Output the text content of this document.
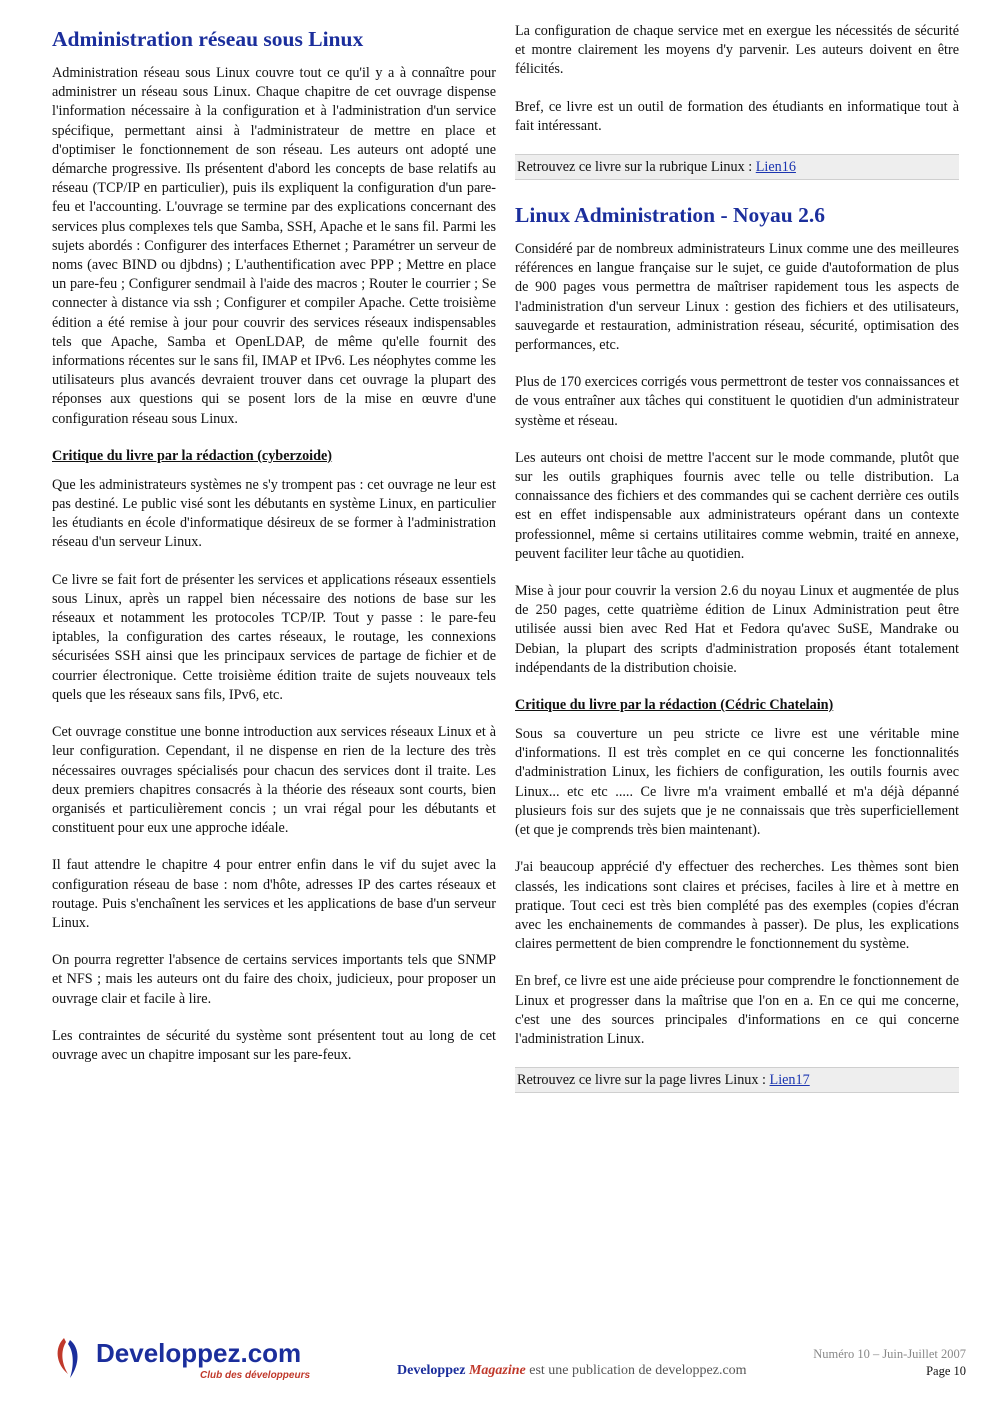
Administration réseau sous Linux

Administration réseau sous Linux couvre tout ce qu'il y a à connaître pour administrer un réseau sous Linux. Chaque chapitre de cet ouvrage dispense l'information nécessaire à la configuration et à l'administration d'un service spécifique, permettant ainsi à l'administrateur de mettre en place et d'optimiser le fonctionnement de son réseau. Les auteurs ont adopté une démarche progressive. Ils présentent d'abord les concepts de base relatifs au réseau (TCP/IP en particulier), puis ils expliquent la configuration d'un pare-feu et l'accounting. L'ouvrage se termine par des explications concernant des services plus complexes tels que Samba, SSH, Apache et le sans fil. Parmi les sujets abordés : Configurer des interfaces Ethernet ; Paramétrer un serveur de noms (avec BIND ou djbdns) ; L'authentification avec PPP ; Mettre en place un pare-feu ; Configurer sendmail à l'aide des macros ; Router le courrier ; Se connecter à distance via ssh ; Configurer et compiler Apache. Cette troisième édition a été remise à jour pour couvrir des services réseaux indispensables tels que Apache, Samba et OpenLDAP, de même qu'elle fournit des informations récentes sur le sans fil, IMAP et IPv6. Les néophytes comme les utilisateurs plus avancés devraient trouver dans cet ouvrage la plupart des réponses aux questions qui se posent lors de la mise en œuvre d'une configuration réseau sous Linux.

Critique du livre par la rédaction (cyberzoide)

Que les administrateurs systèmes ne s'y trompent pas : cet ouvrage ne leur est pas destiné. Le public visé sont les débutants en système Linux, en particulier les étudiants en école d'informatique désireux de se former à l'administration réseau d'un serveur Linux.

Ce livre se fait fort de présenter les services et applications réseaux essentiels sous Linux, après un rappel bien nécessaire des notions de base sur les réseaux et notamment les protocoles TCP/IP. Tout y passe : le pare-feu iptables, la configuration des cartes réseaux, le routage, les connexions sécurisées SSH ainsi que les principaux services de partage de fichier et de courrier électronique. Cette troisième édition traite de sujets nouveaux tels quels que les réseaux sans fils, IPv6, etc.

Cet ouvrage constitue une bonne introduction aux services réseaux Linux et à leur configuration. Cependant, il ne dispense en rien de la lecture des très nécessaires ouvrages spécialisés pour chacun des services dont il traite. Les deux premiers chapitres consacrés à la théorie des réseaux sont courts, bien organisés et particulièrement concis ; un vrai régal pour les débutants et constituent pour eux une approche idéale.

Il faut attendre le chapitre 4 pour entrer enfin dans le vif du sujet avec la configuration réseau de base : nom d'hôte, adresses IP des cartes réseaux et routage. Puis s'enchaînent les services et les applications de base d'un serveur Linux.

On pourra regretter l'absence de certains services importants tels que SNMP et NFS ; mais les auteurs ont du faire des choix, judicieux, pour proposer un ouvrage clair et facile à lire.

Les contraintes de sécurité du système sont présentent tout au long de cet ouvrage avec un chapitre imposant sur les pare-feux.

La configuration de chaque service met en exergue les nécessités de sécurité et montre clairement les moyens d'y parvenir. Les auteurs doivent en être félicités.

Bref, ce livre est un outil de formation des étudiants en informatique tout à fait intéressant.

Retrouvez ce livre sur la rubrique Linux : Lien16
Linux Administration - Noyau 2.6

Considéré par de nombreux administrateurs Linux comme une des meilleures références en langue française sur le sujet, ce guide d'autoformation de plus de 900 pages vous permettra de maîtriser rapidement tous les aspects de l'administration d'un serveur Linux : gestion des fichiers et des utilisateurs, sauvegarde et restauration, administration réseau, sécurité, optimisation des performances, etc.

Plus de 170 exercices corrigés vous permettront de tester vos connaissances et de vous entraîner aux tâches qui constituent le quotidien d'un administrateur système et réseau.

Les auteurs ont choisi de mettre l'accent sur le mode commande, plutôt que sur les outils graphiques fournis avec telle ou telle distribution. La connaissance des fichiers et des commandes qui se cachent derrière ces outils est en effet indispensable aux administrateurs opérant dans un contexte professionnel, même si certains utilitaires comme webmin, traité en annexe, peuvent faciliter leur tâche au quotidien.

Mise à jour pour couvrir la version 2.6 du noyau Linux et augmentée de plus de 250 pages, cette quatrième édition de Linux Administration peut être utilisée aussi bien avec Red Hat et Fedora qu'avec SuSE, Mandrake ou Debian, la plupart des scripts d'administration proposés étant totalement indépendants de la distribution choisie.

Critique du livre par la rédaction (Cédric Chatelain)

Sous sa couverture un peu stricte ce livre est une véritable mine d'informations. Il est très complet en ce qui concerne les fonctionnalités d'administration Linux, les fichiers de configuration, les outils fournis avec Linux... etc etc ..... Ce livre m'a vraiment emballé et m'a déjà dépanné plusieurs fois sur des sujets que je ne connaissais que très superficiellement (et que je comprends très bien maintenant).

J'ai beaucoup apprécié d'y effectuer des recherches. Les thèmes sont bien classés, les indications sont claires et précises, faciles à lire et à mettre en pratique. Tout ceci est très bien complété pas des exemples (copies d'écran avec les enchainements de commandes à passer). De plus, les explications claires permettent de bien comprendre le fonctionnement du système.

En bref, ce livre est une aide précieuse pour comprendre le fonctionnement de Linux et progresser dans la maîtrise que l'on en a. En ce qui me concerne, c'est une des sources principales d'informations en ce qui concerne l'administration Linux.

Retrouvez ce livre sur la page livres Linux : Lien17
Developpez.com
Club des développeurs	Developpez Magazine est une publication de developpez.com
Numéro 10 – Juin-Juillet 2007
Page 10
